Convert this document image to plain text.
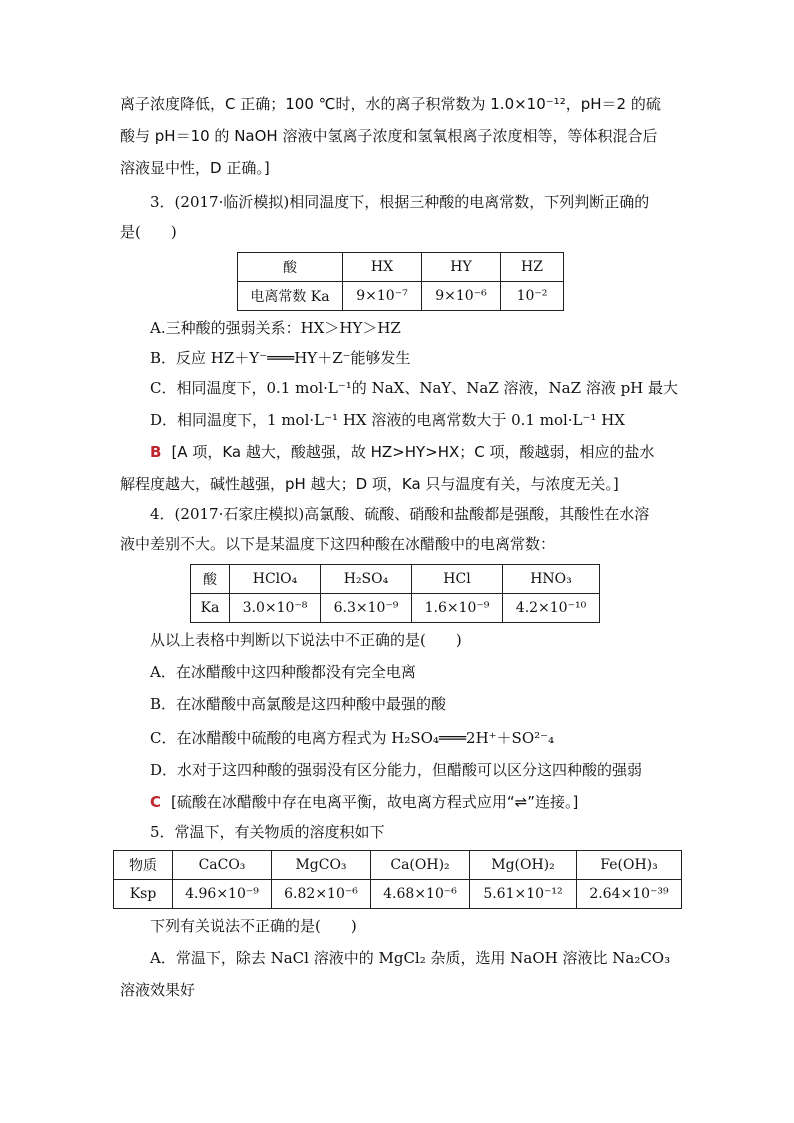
离子浓度降低，C 正确；100 ℃时，水的离子积常数为 1.0×10⁻¹²，pH＝2 的硫
酸与 pH＝10 的 NaOH 溶液中氢离子浓度和氢氧根离子浓度相等，等体积混合后
溶液显中性，D 正确。]
3．(2017·临沂模拟)相同温度下，根据三种酸的电离常数，下列判断正确的
是(　　)
酸	HX	HY	HZ
电离常数 Ka	9×10⁻⁷	9×10⁻⁶	10⁻²
A.三种酸的强弱关系：HX＞HY＞HZ
B．反应 HZ＋Y⁻═══HY＋Z⁻能够发生
C．相同温度下，0.1 mol·L⁻¹的 NaX、NaY、NaZ 溶液，NaZ 溶液 pH 最大
D．相同温度下，1 mol·L⁻¹ HX 溶液的电离常数大于 0.1 mol·L⁻¹ HX
B [A 项，Ka 越大，酸越强，故 HZ>HY>HX；C 项，酸越弱，相应的盐水
解程度越大，碱性越强，pH 越大；D 项，Ka 只与温度有关，与浓度无关。]
4．(2017·石家庄模拟)高氯酸、硫酸、硝酸和盐酸都是强酸，其酸性在水溶
液中差别不大。以下是某温度下这四种酸在冰醋酸中的电离常数：
酸	HClO₄	H₂SO₄	HCl	HNO₃
Ka	3.0×10⁻⁸	6.3×10⁻⁹	1.6×10⁻⁹	4.2×10⁻¹⁰
从以上表格中判断以下说法中不正确的是(　　)
A．在冰醋酸中这四种酸都没有完全电离
B．在冰醋酸中高氯酸是这四种酸中最强的酸
C．在冰醋酸中硫酸的电离方程式为 H₂SO₄═══2H⁺＋SO²⁻₄
D．水对于这四种酸的强弱没有区分能力，但醋酸可以区分这四种酸的强弱
C [硫酸在冰醋酸中存在电离平衡，故电离方程式应用“⇌”连接。]
5．常温下，有关物质的溶度积如下
物质	CaCO₃	MgCO₃	Ca(OH)₂	Mg(OH)₂	Fe(OH)₃
Ksp	4.96×10⁻⁹	6.82×10⁻⁶	4.68×10⁻⁶	5.61×10⁻¹²	2.64×10⁻³⁹
下列有关说法不正确的是(　　)
A．常温下，除去 NaCl 溶液中的 MgCl₂ 杂质，选用 NaOH 溶液比 Na₂CO₃
溶液效果好
